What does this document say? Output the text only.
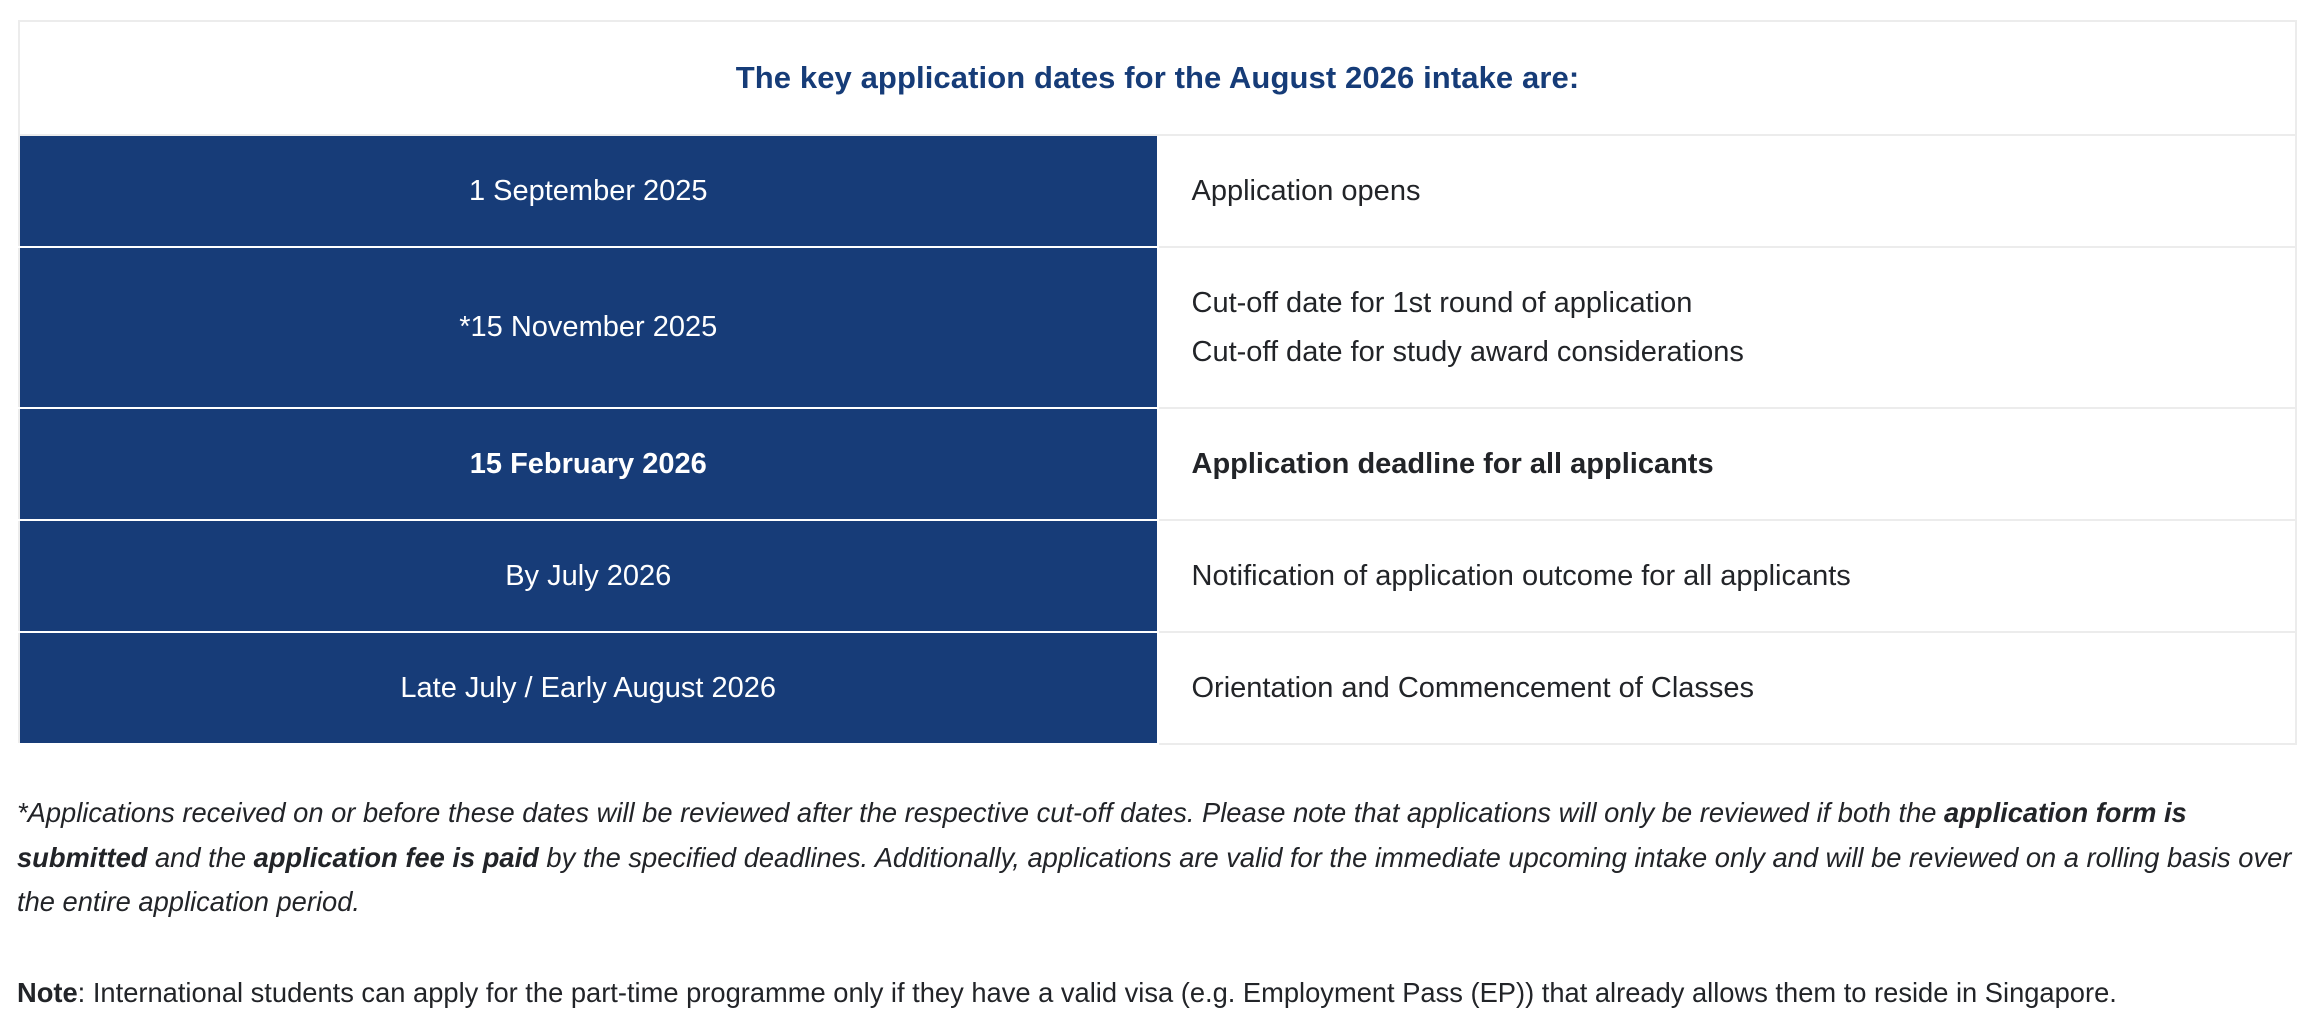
The key application dates for the August 2026 intake are:	
1 September 2025	Application opens

*15 November 2025	Cut-off date for 1st round of application
Cut-off date for study award considerations

15 February 2026	Application deadline for all applicants

By July 2026	Notification of application outcome for all applicants

Late July / Early August 2026	Orientation and Commencement of Classes

*Applications received on or before these dates will be reviewed after the respective cut-off dates. Please note that applications will only be reviewed if both the application form is submitted and the application fee is paid by the specified deadlines. Additionally, applications are valid for the immediate upcoming intake only and will be reviewed on a rolling basis over the entire application period.

Note: International students can apply for the part-time programme only if they have a valid visa (e.g. Employment Pass (EP)) that already allows them to reside in Singapore.
